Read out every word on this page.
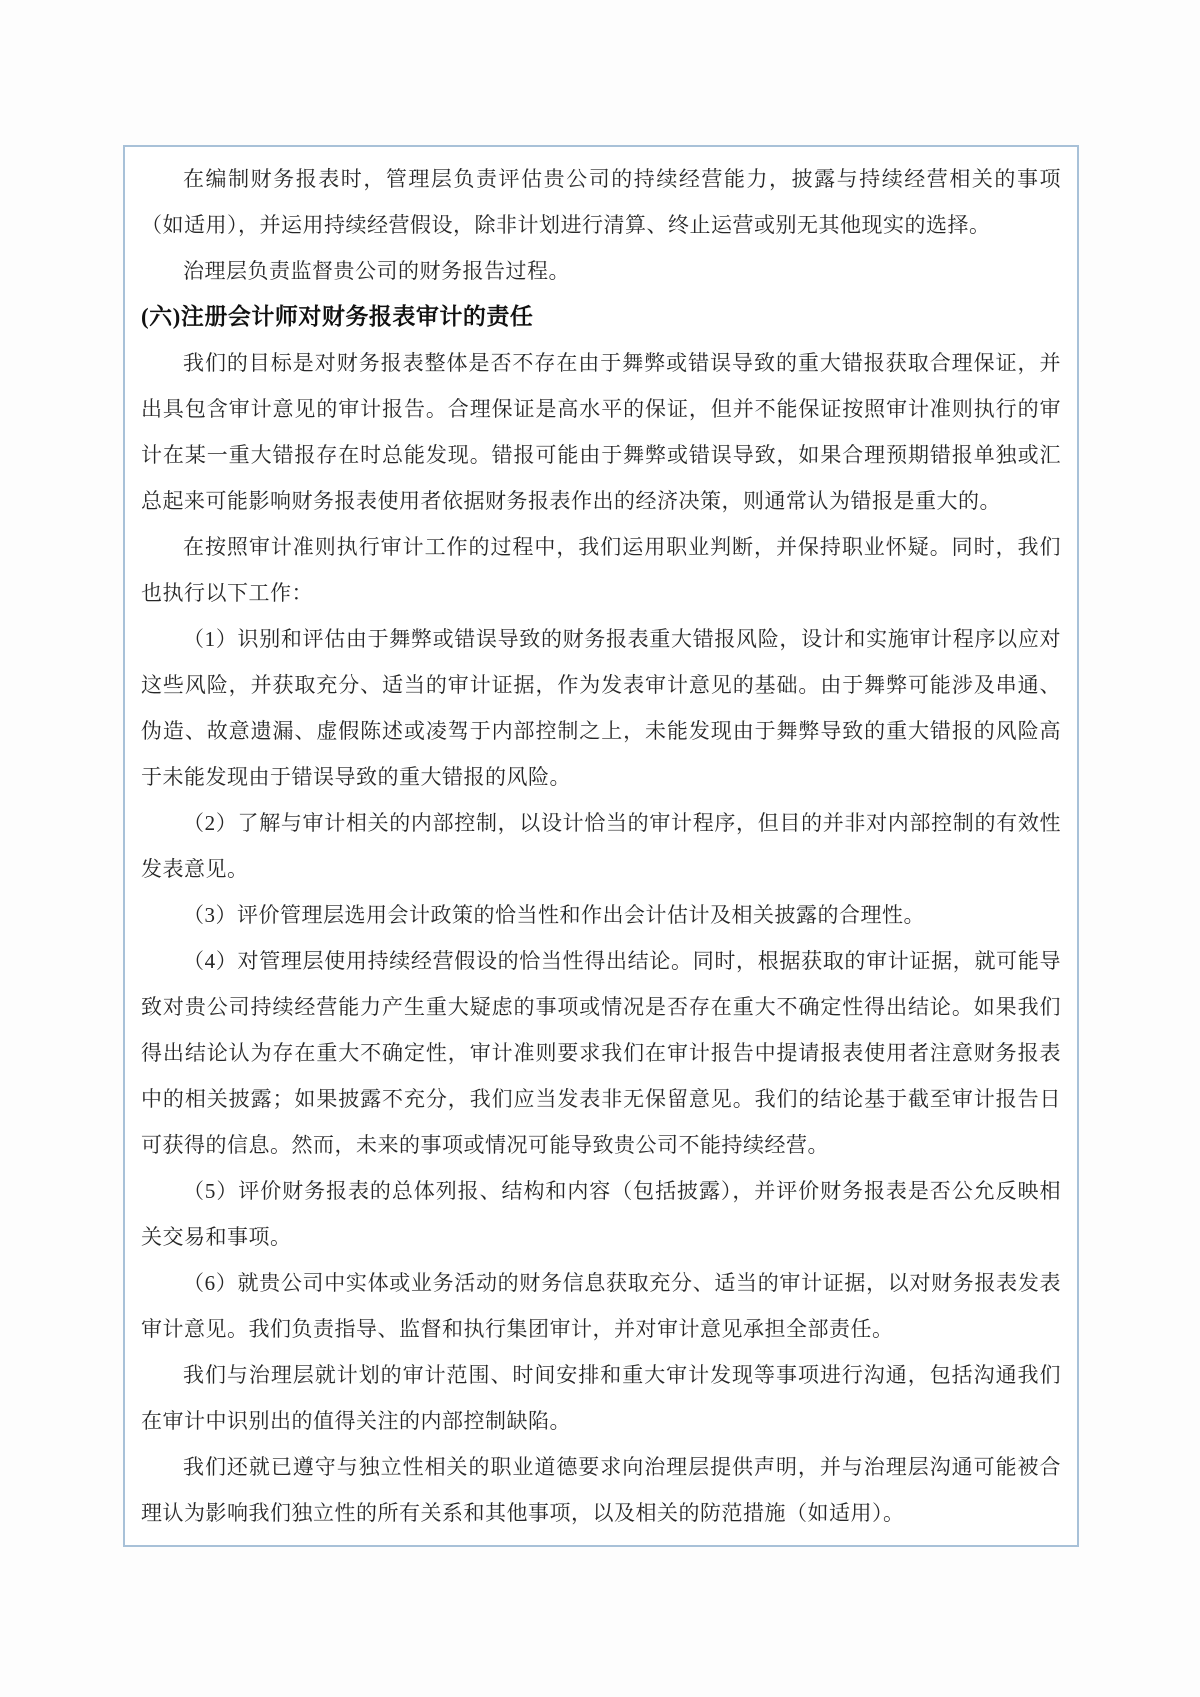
在编制财务报表时，管理层负责评估贵公司的持续经营能力，披露与持续经营相关的事项（如适用），并运用持续经营假设，除非计划进行清算、终止运营或别无其他现实的选择。

治理层负责监督贵公司的财务报告过程。

(六)注册会计师对财务报表审计的责任

我们的目标是对财务报表整体是否不存在由于舞弊或错误导致的重大错报获取合理保证，并出具包含审计意见的审计报告。合理保证是高水平的保证，但并不能保证按照审计准则执行的审计在某一重大错报存在时总能发现。错报可能由于舞弊或错误导致，如果合理预期错报单独或汇总起来可能影响财务报表使用者依据财务报表作出的经济决策，则通常认为错报是重大的。

在按照审计准则执行审计工作的过程中，我们运用职业判断，并保持职业怀疑。同时，我们也执行以下工作：

（1）识别和评估由于舞弊或错误导致的财务报表重大错报风险，设计和实施审计程序以应对这些风险，并获取充分、适当的审计证据，作为发表审计意见的基础。由于舞弊可能涉及串通、伪造、故意遗漏、虚假陈述或凌驾于内部控制之上，未能发现由于舞弊导致的重大错报的风险高于未能发现由于错误导致的重大错报的风险。

（2）了解与审计相关的内部控制，以设计恰当的审计程序，但目的并非对内部控制的有效性发表意见。

（3）评价管理层选用会计政策的恰当性和作出会计估计及相关披露的合理性。

（4）对管理层使用持续经营假设的恰当性得出结论。同时，根据获取的审计证据，就可能导致对贵公司持续经营能力产生重大疑虑的事项或情况是否存在重大不确定性得出结论。如果我们得出结论认为存在重大不确定性，审计准则要求我们在审计报告中提请报表使用者注意财务报表中的相关披露；如果披露不充分，我们应当发表非无保留意见。我们的结论基于截至审计报告日可获得的信息。然而，未来的事项或情况可能导致贵公司不能持续经营。

（5）评价财务报表的总体列报、结构和内容（包括披露），并评价财务报表是否公允反映相关交易和事项。

（6）就贵公司中实体或业务活动的财务信息获取充分、适当的审计证据，以对财务报表发表审计意见。我们负责指导、监督和执行集团审计，并对审计意见承担全部责任。

我们与治理层就计划的审计范围、时间安排和重大审计发现等事项进行沟通，包括沟通我们在审计中识别出的值得关注的内部控制缺陷。

我们还就已遵守与独立性相关的职业道德要求向治理层提供声明，并与治理层沟通可能被合理认为影响我们独立性的所有关系和其他事项，以及相关的防范措施（如适用）。
